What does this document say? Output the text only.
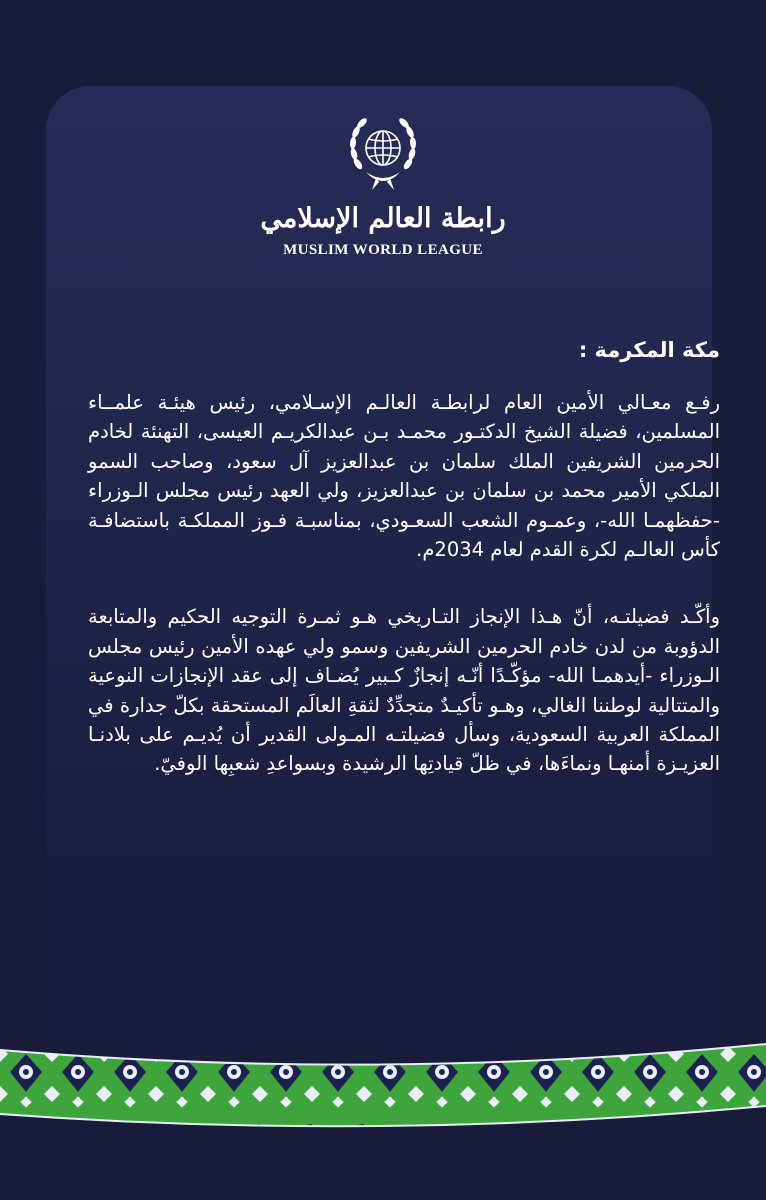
رابطة العالم الإسلامي
MUSLIM WORLD LEAGUE

مكة المكرمة :

رفـع معـالي الأمين العام لرابطـة العالـم الإسـلامي، رئيس هيئـة علمــاء المسلمين، فضيلة الشيخ الدكتـور محمـد بـن عبدالكريـم العيسى، التهنئة لخادم الحرمين الشريفين الملك سلمان بن عبدالعزيز آل سعود، وصاحب السمو الملكي الأمير محمد بن سلمان بن عبدالعزيز، ولي العهد رئيس مجلس الـوزراء -حفظهمـا الله-، وعمـوم الشعب السعـودي، بمناسبـة فـوز المملكـة باستضافـة كأس العالـم لكرة القدم لعام 2034م.

وأكّـد فضيلتـه، أنّ هـذا الإنجاز التـاريخي هـو ثمـرة التوجيه الحكيم والمتابعة الدؤوبة من لدن خادم الحرمين الشريفين وسمو ولي عهده الأمين رئيس مجلس الـوزراء -أيدهمـا الله- مؤكّـدًا أنّـه إنجازٌ كـبير يُضـاف إلى عقد الإنجازات النوعية والمتتالية لوطننا الغالي، وهـو تأكيـدٌ متجدِّدٌ لثقةِ العالَم المستحقة بكلّ جدارة في المملكة العربية السعودية، وسأل فضيلتـه المـولى القدير أن يُديـم على بلادنـا العزيـزة أمنهـا ونماءَها، في ظلّ قيادتِها الرشيدة وبسواعدِ شعبِها الوفيّ.
